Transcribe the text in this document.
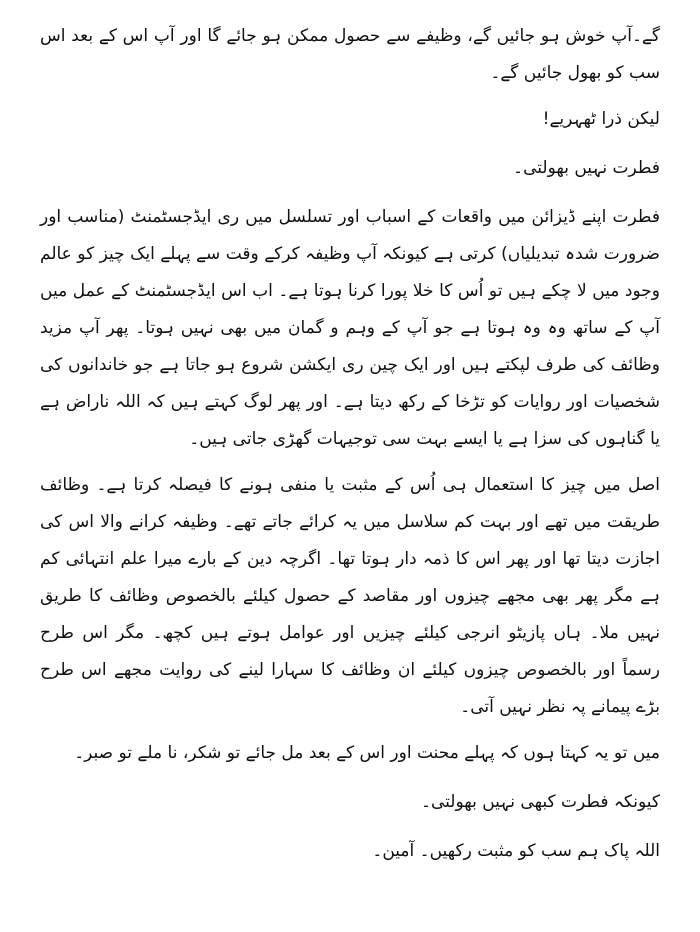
گے۔آپ خوش ہو جائیں گے، وظیفے سے حصول ممکن ہو جائے گا اور آپ اس کے بعد اس سب کو بھول جائیں گے۔

لیکن ذرا ٹھہریے!

فطرت نہیں بھولتی۔

فطرت اپنے ڈیزائن میں واقعات کے اسباب اور تسلسل میں ری ایڈجسٹمنٹ (مناسب اور ضرورت شدہ تبدیلیاں) کرتی ہے کیونکہ آپ وظیفہ کرکے وقت سے پہلے ایک چیز کو عالم وجود میں لا چکے ہیں تو اُس کا خلا پورا کرنا ہوتا ہے۔ اب اس ایڈجسٹمنٹ کے عمل میں آپ کے ساتھ وہ وہ ہوتا ہے جو آپ کے وہم و گمان میں بھی نہیں ہوتا۔ پھر آپ مزید وظائف کی طرف لپکتے ہیں اور ایک چین ری ایکشن شروع ہو جاتا ہے جو خاندانوں کی شخصیات اور روایات کو تڑخا کے رکھ دیتا ہے۔ اور پھر لوگ کہتے ہیں کہ اللہ ناراض ہے یا گناہوں کی سزا ہے یا ایسے بہت سی توجیہات گھڑی جاتی ہیں۔

اصل میں چیز کا استعمال ہی اُس کے مثبت یا منفی ہونے کا فیصلہ کرتا ہے۔ وظائف طریقت میں تھے اور بہت کم سلاسل میں یہ کرائے جاتے تھے۔ وظیفہ کرانے والا اس کی اجازت دیتا تھا اور پھر اس کا ذمہ دار ہوتا تھا۔ اگرچہ دین کے بارے میرا علم انتہائی کم ہے مگر پھر بھی مجھے چیزوں اور مقاصد کے حصول کیلئے بالخصوص وظائف کا طریق نہیں ملا۔ ہاں پازیٹو انرجی کیلئے چیزیں اور عوامل ہوتے ہیں کچھ۔ مگر اس طرح رسماً اور بالخصوص چیزوں کیلئے ان وظائف کا سہارا لینے کی روایت مجھے اس طرح بڑے پیمانے پہ نظر نہیں آتی۔

میں تو یہ کہتا ہوں کہ پہلے محنت اور اس کے بعد مل جائے تو شکر، نا ملے تو صبر۔

کیونکہ فطرت کبھی نہیں بھولتی۔

اللہ پاک ہم سب کو مثبت رکھیں۔ آمین۔
